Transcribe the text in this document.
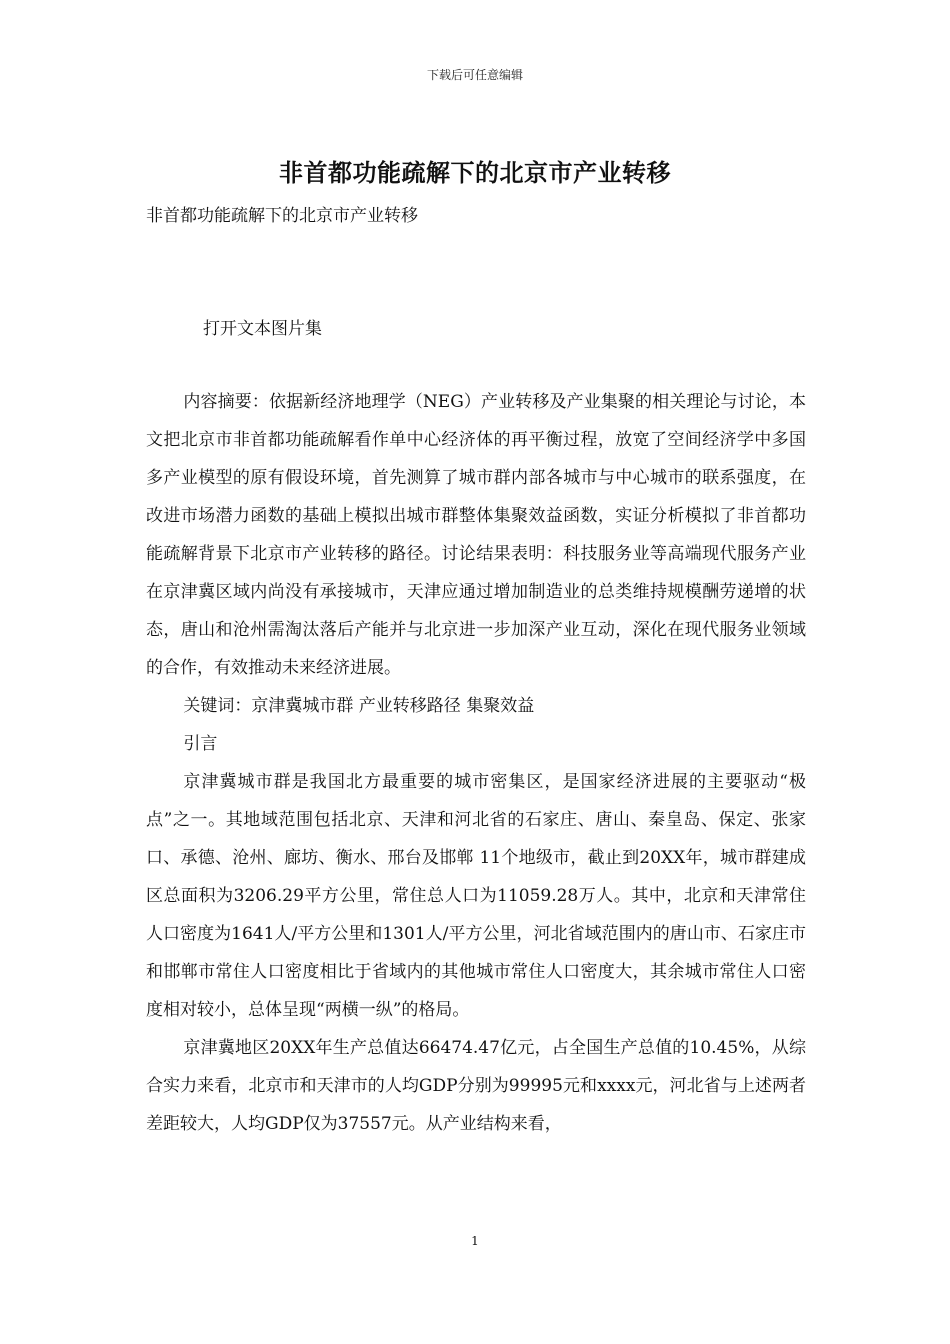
下载后可任意编辑
非首都功能疏解下的北京市产业转移
非首都功能疏解下的北京市产业转移
打开文本图片集

内容摘要：依据新经济地理学（NEG）产业转移及产业集聚的相关理论与讨论，本文把北京市非首都功能疏解看作单中心经济体的再平衡过程，放宽了空间经济学中多国多产业模型的原有假设环境，首先测算了城市群内部各城市与中心城市的联系强度，在改进市场潜力函数的基础上模拟出城市群整体集聚效益函数，实证分析模拟了非首都功能疏解背景下北京市产业转移的路径。讨论结果表明：科技服务业等高端现代服务产业在京津冀区域内尚没有承接城市，天津应通过增加制造业的总类维持规模酬劳递增的状态，唐山和沧州需淘汰落后产能并与北京进一步加深产业互动，深化在现代服务业领域的合作，有效推动未来经济进展。

关键词：京津冀城市群 产业转移路径 集聚效益

引言

京津冀城市群是我国北方最重要的城市密集区，是国家经济进展的主要驱动“极点”之一。其地域范围包括北京、天津和河北省的石家庄、唐山、秦皇岛、保定、张家口、承德、沧州、廊坊、衡水、邢台及邯郸 11个地级市，截止到20XX年，城市群建成区总面积为3206.29平方公里，常住总人口为11059.28万人。其中，北京和天津常住人口密度为1641人/平方公里和1301人/平方公里，河北省域范围内的唐山市、石家庄市和邯郸市常住人口密度相比于省域内的其他城市常住人口密度大，其余城市常住人口密度相对较小，总体呈现“两横一纵”的格局。

京津冀地区20XX年生产总值达66474.47亿元，占全国生产总值的10.45%，从综合实力来看，北京市和天津市的人均GDP分别为99995元和xxxx元，河北省与上述两者差距较大，人均GDP仅为37557元。从产业结构来看，

1
